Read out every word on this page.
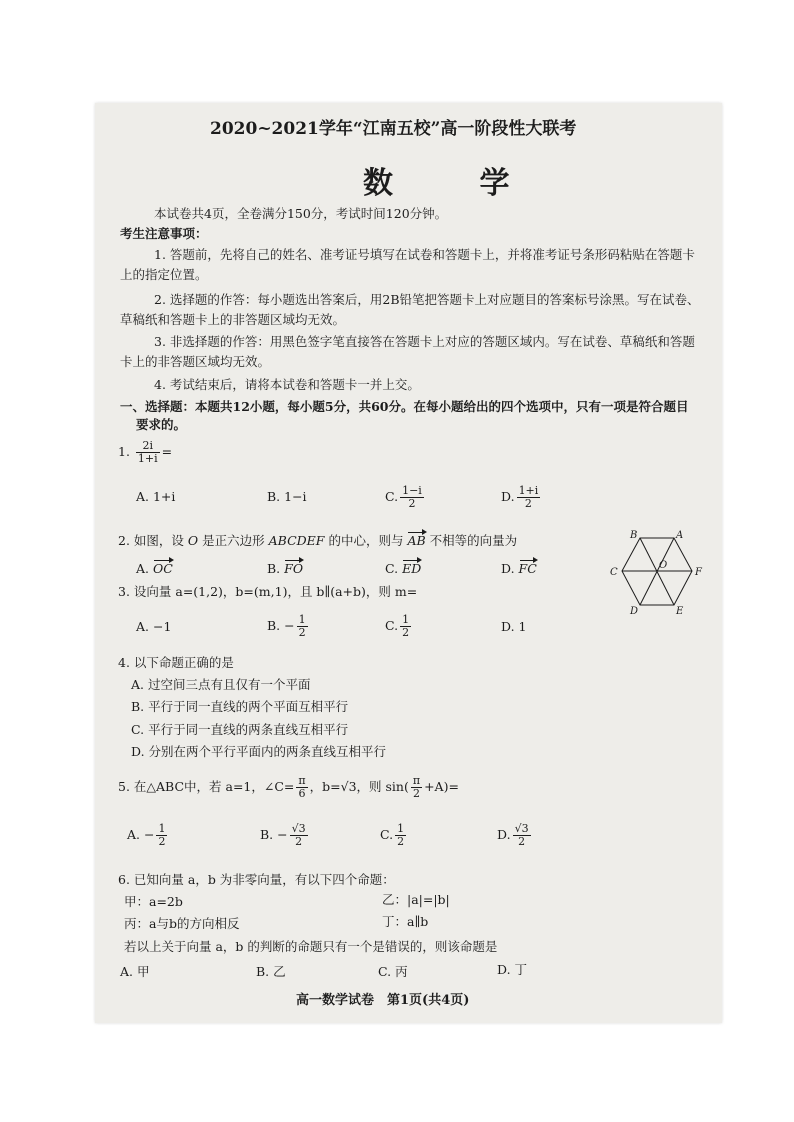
2020~2021学年“江南五校”高一阶段性大联考
数 学
本试卷共4页，全卷满分150分，考试时间120分钟。
考生注意事项：
1. 答题前，先将自己的姓名、准考证号填写在试卷和答题卡上，并将准考证号条形码粘贴在答题卡
上的指定位置。
2. 选择题的作答：每小题选出答案后，用2B铅笔把答题卡上对应题目的答案标号涂黑。写在试卷、
草稿纸和答题卡上的非答题区域均无效。
3. 非选择题的作答：用黑色签字笔直接答在答题卡上对应的答题区域内。写在试卷、草稿纸和答题
卡上的非答题区域均无效。
4. 考试结束后，请将本试卷和答题卡一并上交。
一、选择题：本题共12小题，每小题5分，共60分。在每小题给出的四个选项中，只有一项是符合题目
要求的。
1. $\frac{2i}{1+i}$ =
A. 1+i	B. 1−i	C. $\frac{1-i}{2}$	D. $\frac{1+i}{2}$
2. 如图，设 O 是正六边形 ABCDEF 的中心，则与 AB 不相等的向量为
A. OC	B. FO	C. ED	D. FC
B	A
C	F
O
D	E
3. 设向量 a=(1,2)，b=(m,1)，且 b∥(a+b)，则 m=
A. −1	B. − $\frac{1}{2}$	C. $\frac{1}{2}$	D. 1
4. 以下命题正确的是
A. 过空间三点有且仅有一个平面
B. 平行于同一直线的两个平面互相平行
C. 平行于同一直线的两条直线互相平行
D. 分别在两个平行平面内的两条直线互相平行
5. 在△ABC中，若 a=1，∠C= $\frac{\pi}{6}$ ，b=√3，则 $\sin( \frac{\pi}{2} +A)=$
A. − $\frac{1}{2}$	B. − $\frac{√3}{2}$	C. $\frac{1}{2}$	D. $\frac{√3}{2}$
6. 已知向量 a，b 为非零向量，有以下四个命题：
甲：a=2b	乙：|a|=|b|
丙：a与b的方向相反	丁：a∥b
若以上关于向量 a，b 的判断的命题只有一个是错误的，则该命题是
A. 甲	B. 乙	C. 丙	D. 丁
高一数学试卷　第1页(共4页)
